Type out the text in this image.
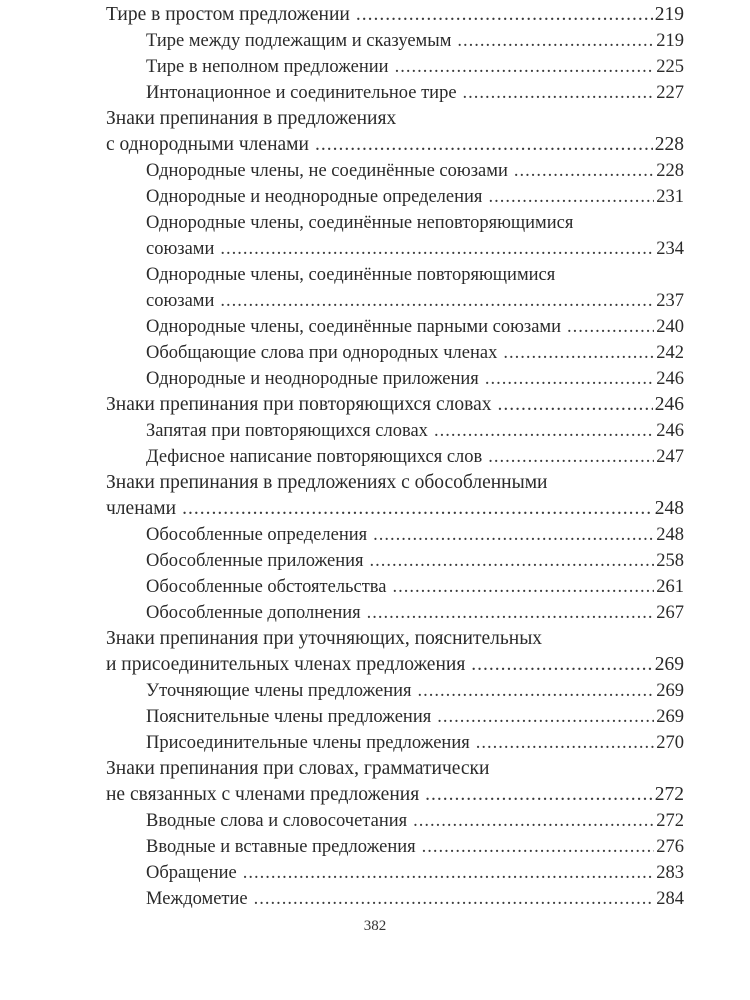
Тире в простом предложении .....	219
Тире между подлежащим и сказуемым .....	219
Тире в неполном предложении .....	225
Интонационное и соединительное тире .....	227
Знаки препинания в предложениях
с однородными членами .....	228
Однородные члены, не соединённые союзами .....	228
Однородные и неоднородные определения .....	231
Однородные члены, соединённые неповторяющимися
союзами .....	234
Однородные члены, соединённые повторяющимися
союзами .....	237
Однородные члены, соединённые парными союзами .....	240
Обобщающие слова при однородных членах .....	242
Однородные и неоднородные приложения .....	246
Знаки препинания при повторяющихся словах .....	246
Запятая при повторяющихся словах .....	246
Дефисное написание повторяющихся слов .....	247
Знаки препинания в предложениях с обособленными
членами .....	248
Обособленные определения .....	248
Обособленные приложения .....	258
Обособленные обстоятельства .....	261
Обособленные дополнения .....	267
Знаки препинания при уточняющих, пояснительных
и присоединительных членах предложения .....	269
Уточняющие члены предложения .....	269
Пояснительные члены предложения .....	269
Присоединительные члены предложения .....	270
Знаки препинания при словах, грамматически
не связанных с членами предложения .....	272
Вводные слова и словосочетания .....	272
Вводные и вставные предложения .....	276
Обращение .....	283
Междометие .....	284
382
